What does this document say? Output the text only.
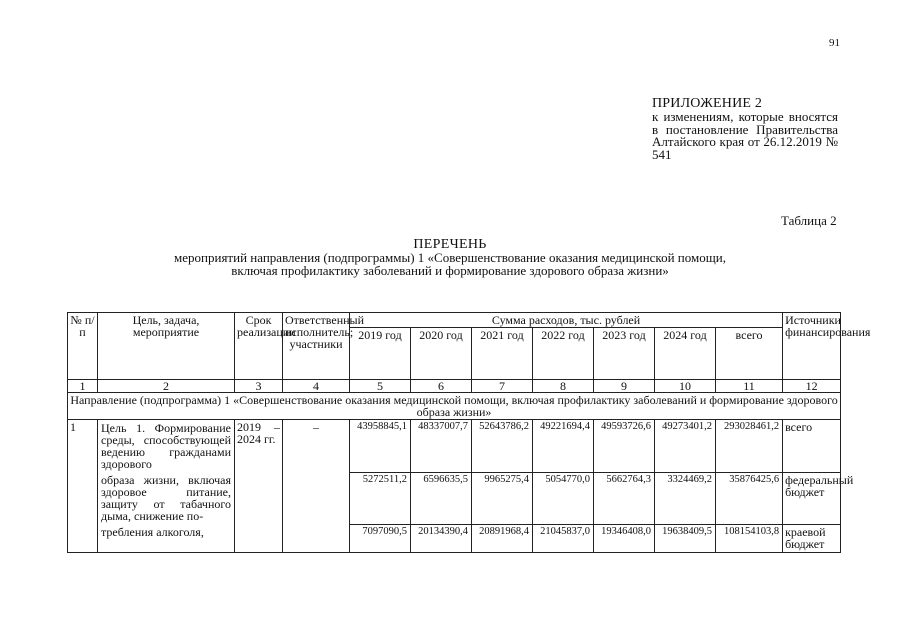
91
ПРИЛОЖЕНИЕ 2
к изменениям, которые вносятся в постановление Правительства Алтайского края от 26.12.2019 № 541
Таблица 2
ПЕРЕЧЕНЬ
мероприятий направления (подпрограммы) 1 «Совершенствование оказания медицинской помощи,
включая профилактику заболеваний и формирование здорового образа жизни»
№ п/п	Цель, задача, мероприятие	Срок реализации	Ответственный исполнитель; участники	Сумма расходов, тыс. рублей							Источники финансирования
				2019 год	2020 год	2021 год	2022 год	2023 год	2024 год	всего	
1	2	3	4	5	6	7	8	9	10	11	12
Направление (подпрограмма) 1 «Совершенствование оказания медицинской помощи, включая профилактику заболеваний и формирование здорового образа жизни»											
1	Цель 1. Формирование среды, способствующей ведению гражданами здорового	2019 – 2024 гг.	–	43958845,1	48337007,7	52643786,2	49221694,4	49593726,6	49273401,2	293028461,2	всего

	образа жизни, включая здоровое питание, защиту от табачного дыма, снижение по-			5272511,2	6596635,5	9965275,4	5054770,0	5662764,3	3324469,2	35876425,6	федеральный бюджет

	требления алкоголя,			7097090,5	20134390,4	20891968,4	21045837,0	19346408,0	19638409,5	108154103,8	краевой бюджет
